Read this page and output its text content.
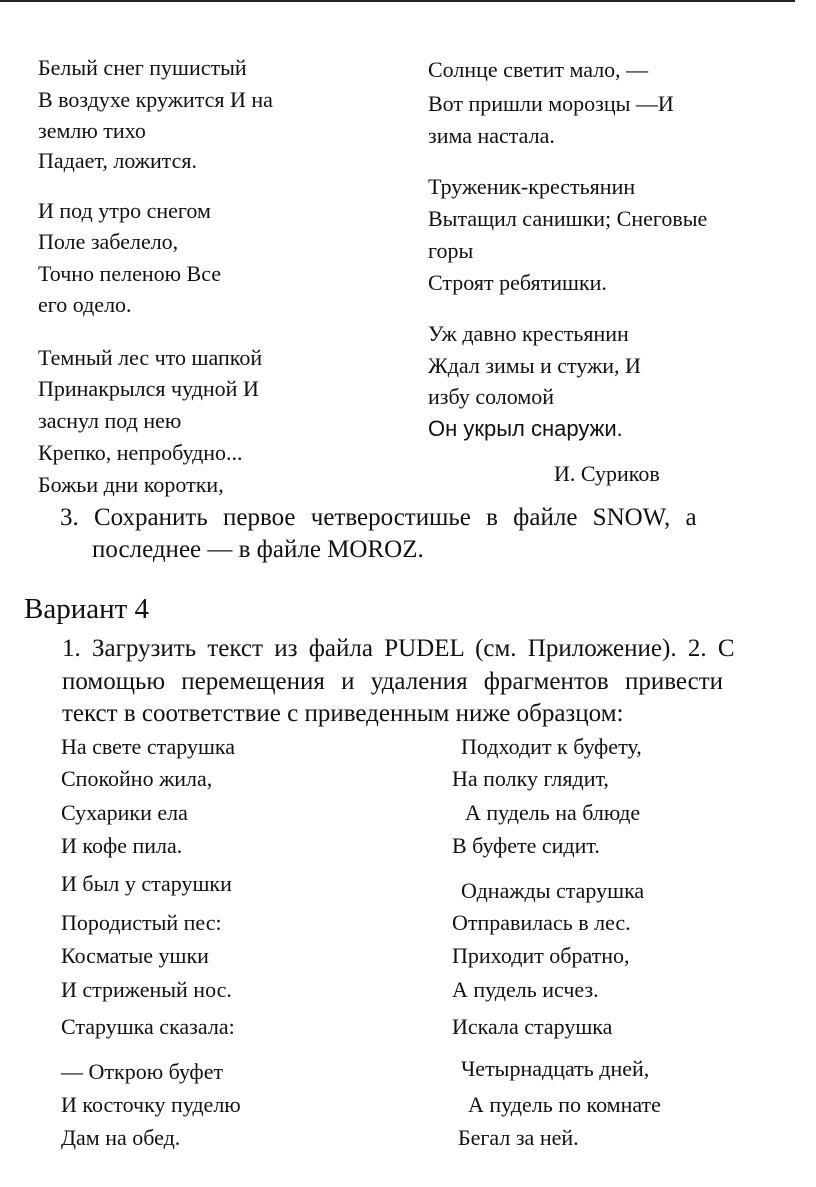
Белый снег пушистый
В воздухе кружится И на
землю тихо
Падает, ложится.
И под утро снегом
Поле забелело,
Точно пеленою Все
его одело.
Темный лес что шапкой
Принакрылся чудной И
заснул под нею
Крепко, непробудно...
Божьи дни коротки,
Солнце светит мало, —
Вот пришли морозцы —И
зима настала.
Труженик-крестьянин
Вытащил санишки; Снеговые
горы
Строят ребятишки.
Уж давно крестьянин
Ждал зимы и стужи, И
избу соломой
Он укрыл снаружи.
И. Суриков
3. Сохранить первое четверостишье в файле SNOW, а
последнее — в файле MOROZ.
Вариант 4
1. Загрузить текст из файла PUDEL (см. Приложение). 2. С
помощью перемещения и удаления фрагментов привести
текст в соответствие с приведенным ниже образцом:
На свете старушка
Спокойно жила,
Сухарики ела
И кофе пила.
И был у старушки
Породистый пес:
Косматые ушки
И стриженый нос.
Старушка сказала:
— Открою буфет
И косточку пуделю
Дам на обед.
Подходит к буфету,
На полку глядит,
А пудель на блюде
В буфете сидит.
Однажды старушка
Отправилась в лес.
Приходит обратно,
А пудель исчез.
Искала старушка
Четырнадцать дней,
А пудель по комнате
Бегал за ней.
